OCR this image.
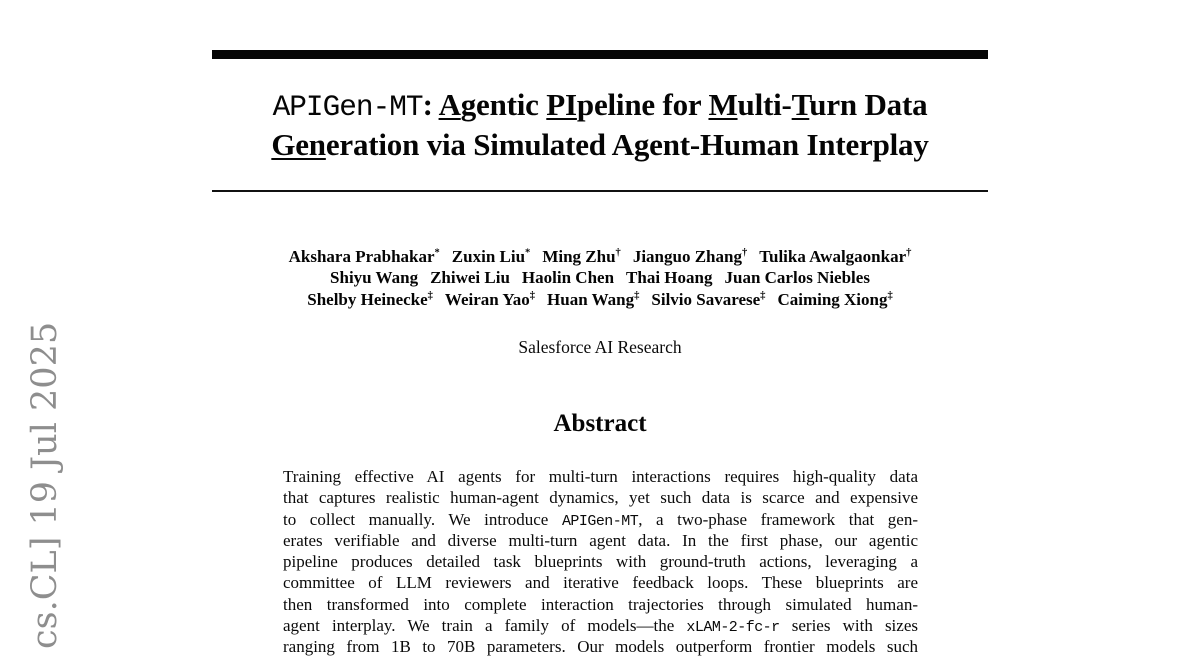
cs.CL] 19 Jul 2025
APIGen-MT: Agentic PIpeline for Multi-Turn Data
Generation via Simulated Agent-Human Interplay
Akshara Prabhakar* Zuxin Liu* Ming Zhu† Jianguo Zhang† Tulika Awalgaonkar†
Shiyu Wang Zhiwei Liu Haolin Chen Thai Hoang Juan Carlos Niebles
Shelby Heinecke‡ Weiran Yao‡ Huan Wang‡ Silvio Savarese‡ Caiming Xiong‡
Salesforce AI Research
Abstract
Training effective AI agents for multi-turn interactions requires high-quality data
that captures realistic human-agent dynamics, yet such data is scarce and expensive
to collect manually. We introduce APIGen-MT, a two-phase framework that gen-
erates verifiable and diverse multi-turn agent data. In the first phase, our agentic
pipeline produces detailed task blueprints with ground-truth actions, leveraging a
committee of LLM reviewers and iterative feedback loops. These blueprints are
then transformed into complete interaction trajectories through simulated human-
agent interplay. We train a family of models—the xLAM-2-fc-r series with sizes
ranging from 1B to 70B parameters. Our models outperform frontier models such
